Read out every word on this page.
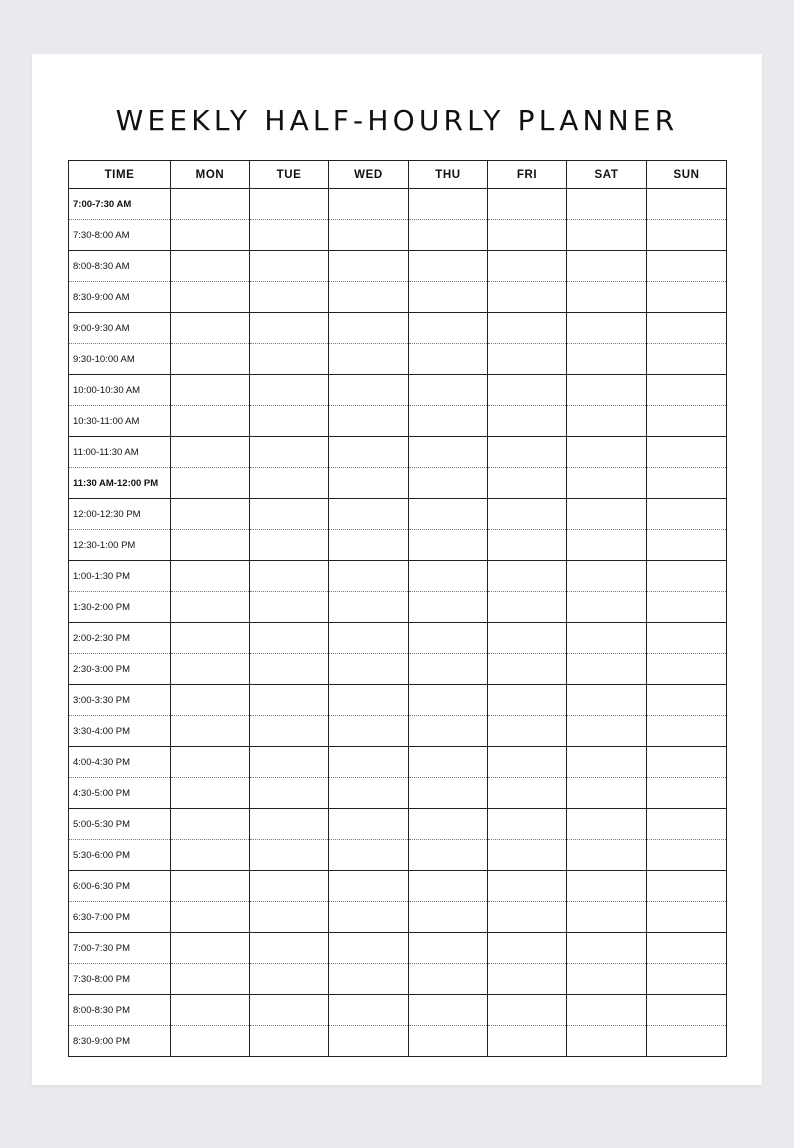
WEEKLY HALF-HOURLY PLANNER
TIME	MON	TUE	WED	THU	FRI	SAT	SUN
7:00-7:30 AM							
7:30-8:00 AM							
8:00-8:30 AM							
8:30-9:00 AM							
9:00-9:30 AM							
9:30-10:00 AM							
10:00-10:30 AM							
10:30-11:00 AM							
11:00-11:30 AM							
11:30 AM-12:00 PM							
12:00-12:30 PM							
12:30-1:00 PM							
1:00-1:30 PM							
1:30-2:00 PM							
2:00-2:30 PM							
2:30-3:00 PM							
3:00-3:30 PM							
3:30-4:00 PM							
4:00-4:30 PM							
4:30-5:00 PM							
5:00-5:30 PM							
5:30-6:00 PM							
6:00-6:30 PM							
6:30-7:00 PM							
7:00-7:30 PM							
7:30-8:00 PM							
8:00-8:30 PM							
8:30-9:00 PM							
